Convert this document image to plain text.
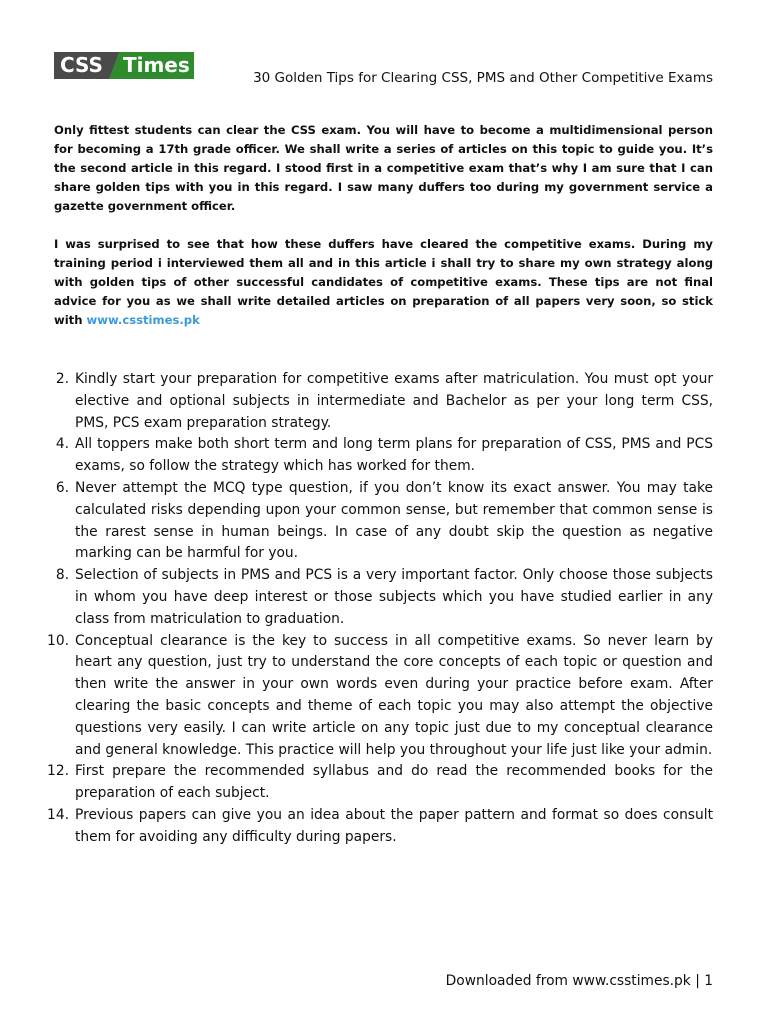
CSS	Times
30 Golden Tips for Clearing CSS, PMS and Other Competitive Exams

Only fittest students can clear the CSS exam. You will have to become a multidimensional person for becoming a 17th grade officer. We shall write a series of articles on this topic to guide you. It’s the second article in this regard. I stood first in a competitive exam that’s why I am sure that I can share golden tips with you in this regard. I saw many duffers too during my government service a gazette government officer.

I was surprised to see that how these duffers have cleared the competitive exams. During my training period i interviewed them all and in this article i shall try to share my own strategy along with golden tips of other successful candidates of competitive exams. These tips are not final advice for you as we shall write detailed articles on preparation of all papers very soon, so stick with www.csstimes.pk

2. Kindly start your preparation for competitive exams after matriculation. You must opt your elective and optional subjects in intermediate and Bachelor as per your long term CSS, PMS, PCS exam preparation strategy.
4. All toppers make both short term and long term plans for preparation of CSS, PMS and PCS exams, so follow the strategy which has worked for them.
6. Never attempt the MCQ type question, if you don’t know its exact answer. You may take calculated risks depending upon your common sense, but remember that common sense is the rarest sense in human beings. In case of any doubt skip the question as negative marking can be harmful for you.
8. Selection of subjects in PMS and PCS is a very important factor. Only choose those subjects in whom you have deep interest or those subjects which you have studied earlier in any class from matriculation to graduation.
10. Conceptual clearance is the key to success in all competitive exams. So never learn by heart any question, just try to understand the core concepts of each topic or question and then write the answer in your own words even during your practice before exam. After clearing the basic concepts and theme of each topic you may also attempt the objective questions very easily. I can write article on any topic just due to my conceptual clearance and general knowledge. This practice will help you throughout your life just like your admin.
12. First prepare the recommended syllabus and do read the recommended books for the preparation of each subject.
14. Previous papers can give you an idea about the paper pattern and format so does consult them for avoiding any difficulty during papers.
Downloaded from www.csstimes.pk | 1
